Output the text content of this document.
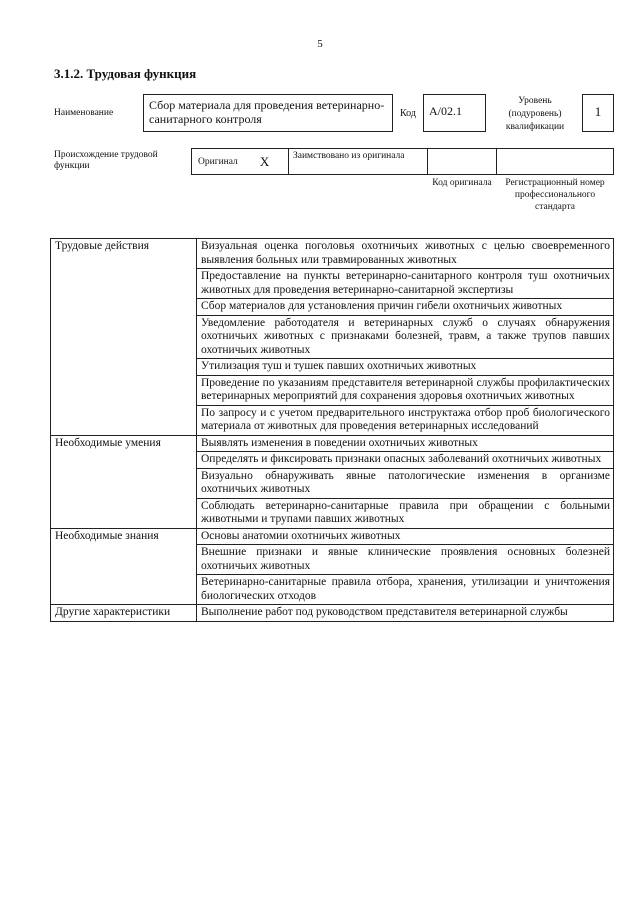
5
3.1.2. Трудовая функция
Наименование
Сбор материала для проведения ветеринарно-санитарного контроля	Код	A/02.1
Уровень (подуровень) квалификации
1
Происхождение трудовой функции	Оригинал X	Заимствовано из оригинала
Код оригинала	Регистрационный номер профессионального стандарта
Трудовые действия	Визуальная оценка поголовья охотничьих животных с целью своевременного выявления больных или травмированных животных
	Предоставление на пункты ветеринарно-санитарного контроля туш охотничьих животных для проведения ветеринарно-санитарной экспертизы
	Сбор материалов для установления причин гибели охотничьих животных
	Уведомление работодателя и ветеринарных служб о случаях обнаружения охотничьих животных с признаками болезней, травм, а также трупов павших охотничьих животных
	Утилизация туш и тушек павших охотничьих животных
	Проведение по указаниям представителя ветеринарной службы профилактических ветеринарных мероприятий для сохранения здоровья охотничьих животных
	По запросу и с учетом предварительного инструктажа отбор проб биологического материала от животных для проведения ветеринарных исследований
Необходимые умения	Выявлять изменения в поведении охотничьих животных
	Определять и фиксировать признаки опасных заболеваний охотничьих животных
	Визуально обнаруживать явные патологические изменения в организме охотничьих животных
	Соблюдать ветеринарно-санитарные правила при обращении с больными животными и трупами павших животных
Необходимые знания	Основы анатомии охотничьих животных
	Внешние признаки и явные клинические проявления основных болезней охотничьих животных
	Ветеринарно-санитарные правила отбора, хранения, утилизации и уничтожения биологических отходов
Другие характеристики	Выполнение работ под руководством представителя ветеринарной службы
